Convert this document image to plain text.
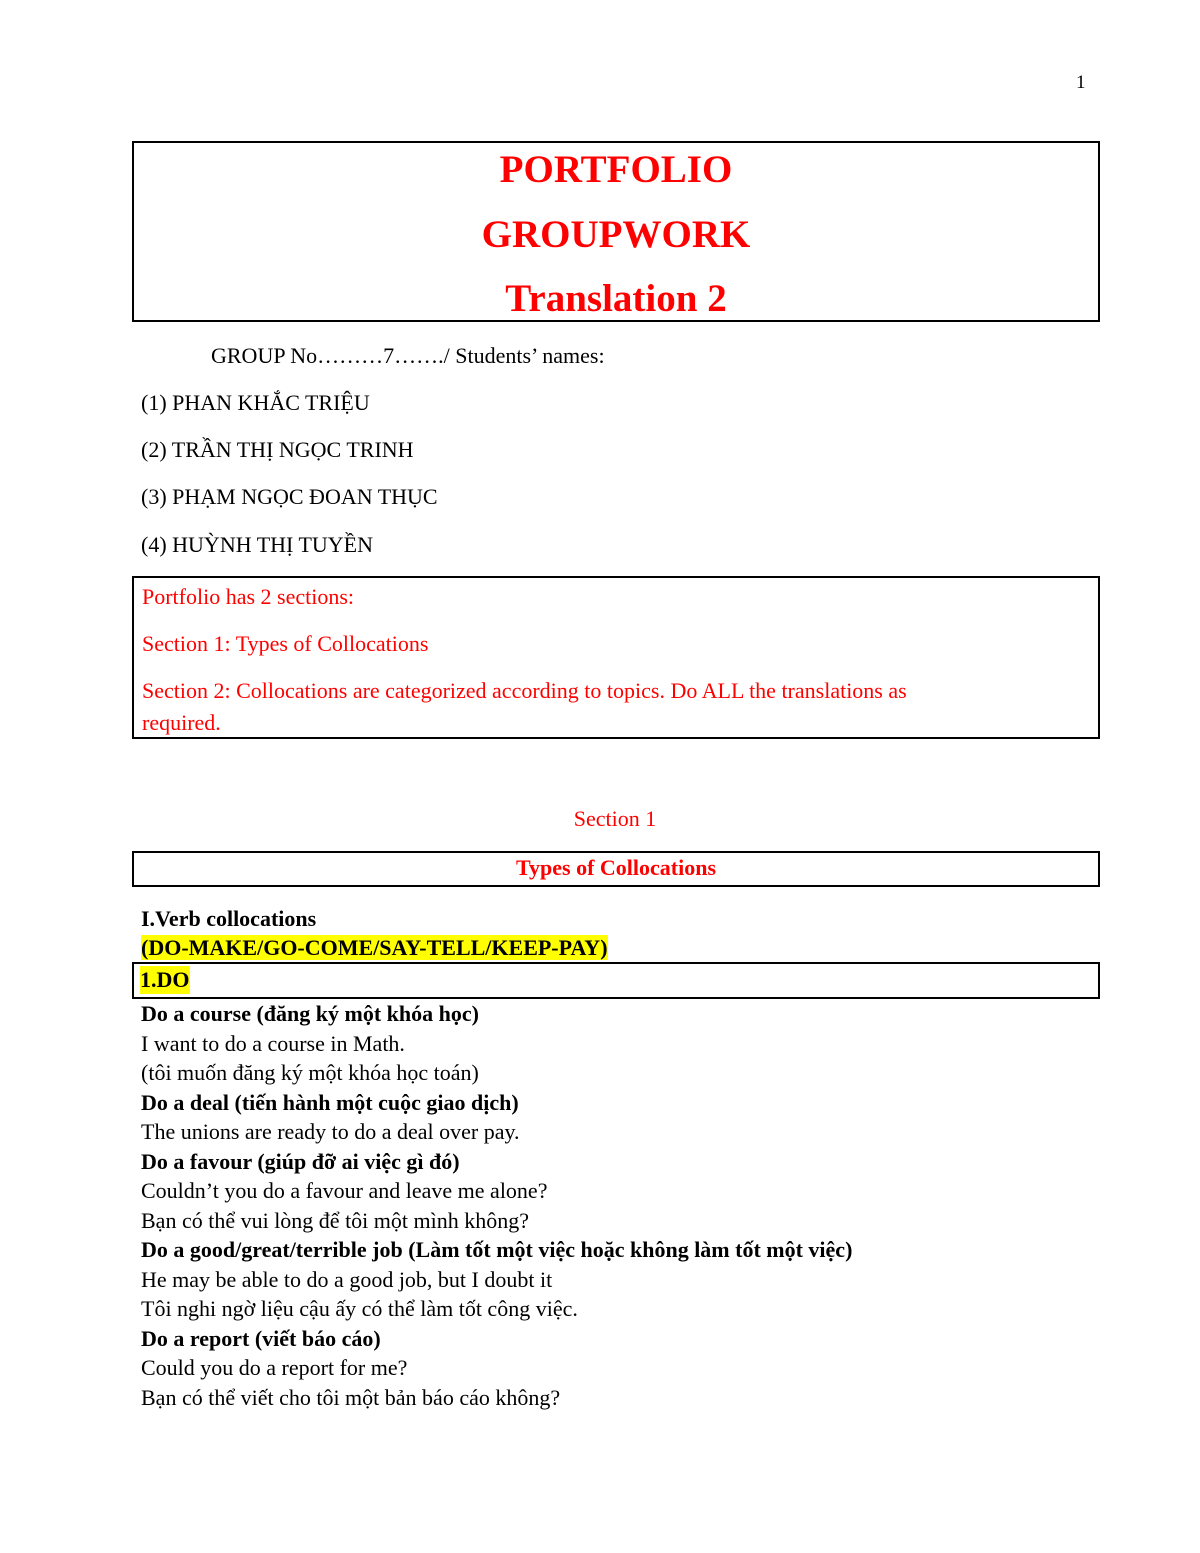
1
PORTFOLIO
GROUPWORK
Translation 2
GROUP No………7……./ Students’ names:
(1) PHAN KHẮC TRIỆU
(2) TRẦN THỊ NGỌC TRINH
(3) PHẠM NGỌC ĐOAN THỤC
(4) HUỲNH THỊ TUYỀN
Portfolio has 2 sections:
Section 1: Types of Collocations
Section 2: Collocations are categorized according to topics. Do ALL the translations as
required.
Section 1
Types of Collocations
I.Verb collocations
(DO-MAKE/GO-COME/SAY-TELL/KEEP-PAY)
1.DO
Do a course (đăng ký một khóa học)
I want to do a course in Math.
(tôi muốn đăng ký một khóa học toán)
Do a deal (tiến hành một cuộc giao dịch)
The unions are ready to do a deal over pay.
Do a favour (giúp đỡ ai việc gì đó)
Couldn’t you do a favour and leave me alone?
Bạn có thể vui lòng để tôi một mình không?
Do a good/great/terrible job (Làm tốt một việc hoặc không làm tốt một việc)
He may be able to do a good job, but I doubt it
Tôi nghi ngờ liệu cậu ấy có thể làm tốt công việc.
Do a report (viết báo cáo)
Could you do a report for me?
Bạn có thể viết cho tôi một bản báo cáo không?
